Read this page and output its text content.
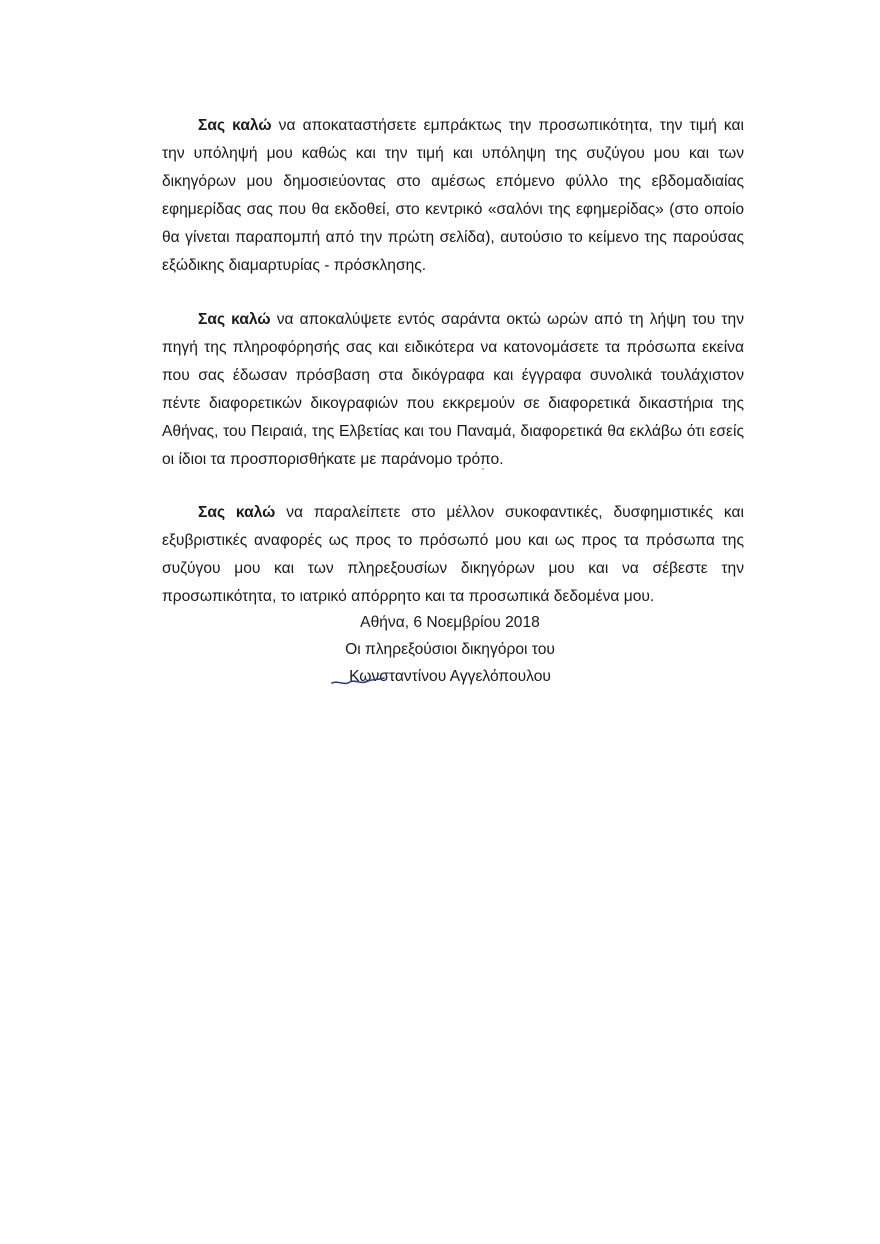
Σας καλώ να αποκαταστήσετε εμπράκτως την προσωπικότητα, την τιμή και την υπόληψή μου καθώς και την τιμή και υπόληψη της συζύγου μου και των δικηγόρων μου δημοσιεύοντας στο αμέσως επόμενο φύλλο της εβδομαδιαίας εφημερίδας σας που θα εκδοθεί, στο κεντρικό «σαλόνι της εφημερίδας» (στο οποίο θα γίνεται παραπομπή από την πρώτη σελίδα), αυτούσιο το κείμενο της παρούσας εξώδικης διαμαρτυρίας - πρόσκλησης.

Σας καλώ να αποκαλύψετε εντός σαράντα οκτώ ωρών από τη λήψη του την πηγή της πληροφόρησής σας και ειδικότερα να κατονομάσετε τα πρόσωπα εκείνα που σας έδωσαν πρόσβαση στα δικόγραφα και έγγραφα συνολικά τουλάχιστον πέντε διαφορετικών δικογραφιών που εκκρεμούν σε διαφορετικά δικαστήρια της Αθήνας, του Πειραιά, της Ελβετίας και του Παναμά, διαφορετικά θα εκλάβω ότι εσείς οι ίδιοι τα προσπορισθήκατε με παράνομο τρόπο.

Σας καλώ να παραλείπετε στο μέλλον συκοφαντικές, δυσφημιστικές και εξυβριστικές αναφορές ως προς το πρόσωπό μου και ως προς τα πρόσωπα της συζύγου μου και των πληρεξουσίων δικηγόρων μου και να σέβεστε την προσωπικότητα, το ιατρικό απόρρητο και τα προσωπικά δεδομένα μου.

Αθήνα, 6 Νοεμβρίου 2018
Οι πληρεξούσιοι δικηγόροι του
Κωνσταντίνου Αγγελόπουλου
